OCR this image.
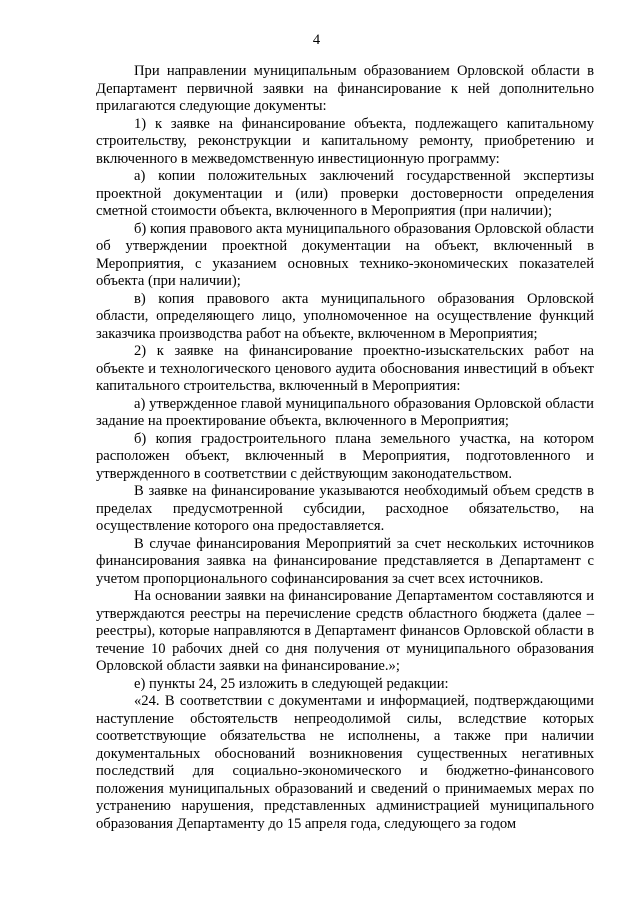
4

При направлении муниципальным образованием Орловской области в Департамент первичной заявки на финансирование к ней дополнительно прилагаются следующие документы:

1) к заявке на финансирование объекта, подлежащего капитальному строительству, реконструкции и капитальному ремонту, приобретению и включенного в межведомственную инвестиционную программу:

а) копии положительных заключений государственной экспертизы проектной документации и (или) проверки достоверности определения сметной стоимости объекта, включенного в Мероприятия (при наличии);

б) копия правового акта муниципального образования Орловской области об утверждении проектной документации на объект, включенный в Мероприятия, с указанием основных технико-экономических показателей объекта (при наличии);

в) копия правового акта муниципального образования Орловской области, определяющего лицо, уполномоченное на осуществление функций заказчика производства работ на объекте, включенном в Мероприятия;

2) к заявке на финансирование проектно-изыскательских работ на объекте и технологического ценового аудита обоснования инвестиций в объект капитального строительства, включенный в Мероприятия:

а) утвержденное главой муниципального образования Орловской области задание на проектирование объекта, включенного в Мероприятия;

б) копия градостроительного плана земельного участка, на котором расположен объект, включенный в Мероприятия, подготовленного и утвержденного в соответствии с действующим законодательством.

В заявке на финансирование указываются необходимый объем средств в пределах предусмотренной субсидии, расходное обязательство, на осуществление которого она предоставляется.

В случае финансирования Мероприятий за счет нескольких источников финансирования заявка на финансирование представляется в Департамент с учетом пропорционального софинансирования за счет всех источников.

На основании заявки на финансирование Департаментом составляются и утверждаются реестры на перечисление средств областного бюджета (далее – реестры), которые направляются в Департамент финансов Орловской области в течение 10 рабочих дней со дня получения от муниципального образования Орловской области заявки на финансирование.»;

е) пункты 24, 25 изложить в следующей редакции:

«24. В соответствии с документами и информацией, подтверждающими наступление обстоятельств непреодолимой силы, вследствие которых соответствующие обязательства не исполнены, а также при наличии документальных обоснований возникновения существенных негативных последствий для социально-экономического и бюджетно-финансового положения муниципальных образований и сведений о принимаемых мерах по устранению нарушения, представленных администрацией муниципального образования Департаменту до 15 апреля года, следующего за годом
